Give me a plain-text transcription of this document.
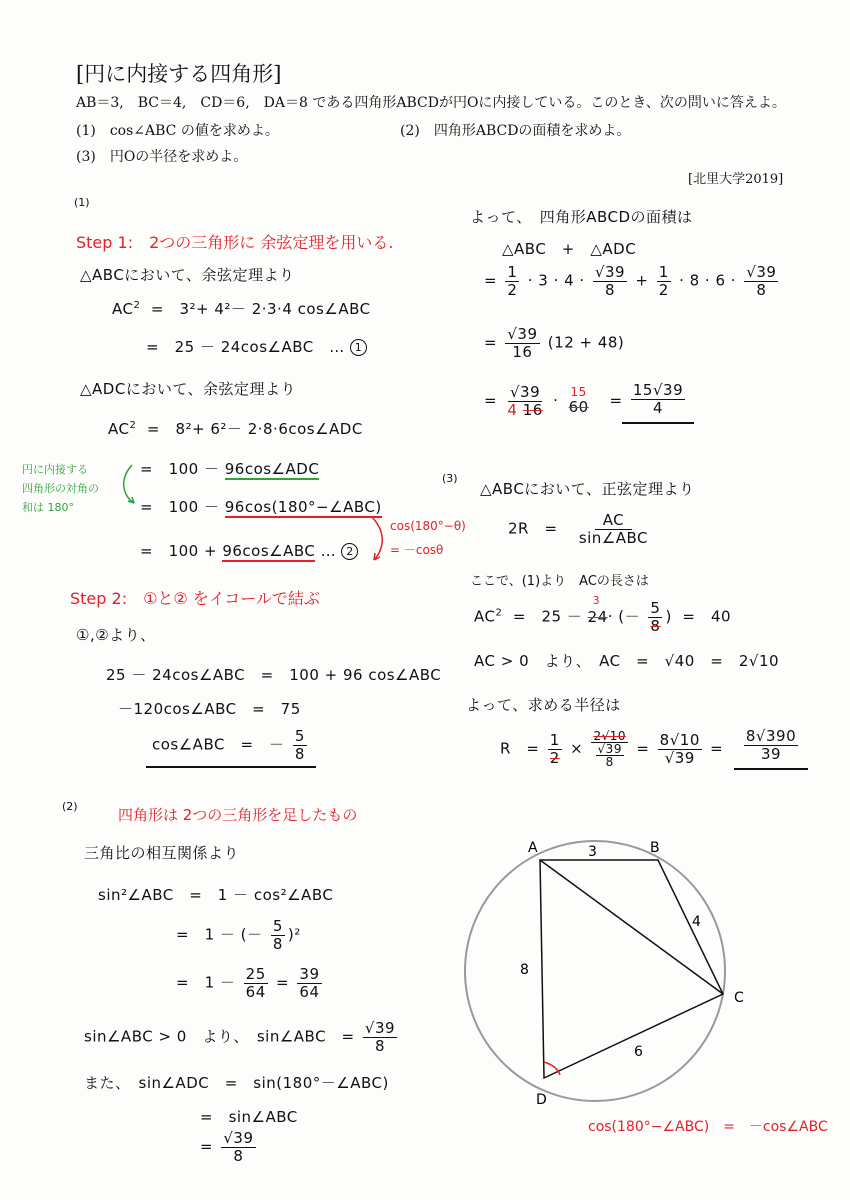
[円に内接する四角形]
AB＝3,　BC＝4,　CD＝6,　DA＝8 である四角形ABCDが円Oに内接している。このとき、次の問いに答えよ。
(1)　cos∠ABC の値を求めよ。	(2)　四角形ABCDの面積を求めよ。
(3)　円Oの半径を求めよ。
[北里大学2019]
(1)
Step 1:　2つの三角形に 余弦定理を用いる.
△ABCにおいて、余弦定理より
$AC^2$ =　3²+ 4²－ 2·3·4 cos∠ABC
=　25 － 24cos∠ABC　… 1
△ADCにおいて、余弦定理より
$AC^2$ =　8²+ 6²－ 2·8·6cos∠ADC
=　100 － 96cos∠ADC
=　100 － 96cos(180°−∠ABC)
=　100 + 96cos∠ABC … 2
円に内接する
四角形の対角の
和は 180°
cos(180°−θ)
= －cosθ
Step 2:　①と② をイコールで結ぶ
①,②より、
25 － 24cos∠ABC　=　100 + 96 cos∠ABC
－120cos∠ABC　=　75
cos∠ABC　=　－ $\frac{5}{8}$
(2)	四角形は 2つの三角形を足したもの
三角比の相互関係より
sin²∠ABC　=　1 － cos²∠ABC
=　1 － (－ $\frac{5}{8} )^2$
=　$1 - \frac{25}{64} = \frac{39}{64}$
sin∠ABC > 0　より、　sin∠ABC　= $\frac{√39}{8}$
また、　sin∠ADC　=　sin(180°－∠ABC)
=　sin∠ABC
= $\frac{√39}{8}$
よって、　四角形ABCDの面積は
△ABC　+　△ADC
= $\frac{1}{2} \cdot 3 \cdot 4 \cdot \frac{√39}{8} + \frac{1}{2} \cdot 8 \cdot 6 \cdot \frac{√39}{8}$
= $\frac{√39}{16} (12 + 48)$
= $\frac{√39}{4 16} \cdot 15$
$60 = \frac{15√39}{4}$
(3)
△ABCにおいて、正弦定理より
2R　=	AC
sin∠ABC
ここで、(1)より　ACの長さは
$AC^2$ =　25 －
3
24· (－ $\frac{5}{8}$ ) =　40
AC > 0　より、　AC　=　√40　=　2√10
よって、求める半径は
R　= $\frac{1}{2}$ ×
2√10
√39
8
= $\frac{8√10}{√39} = \frac{8√390}{39}$
A	B
C
D
3
4
6
8
cos(180°−∠ABC)　=　－cos∠ABC
